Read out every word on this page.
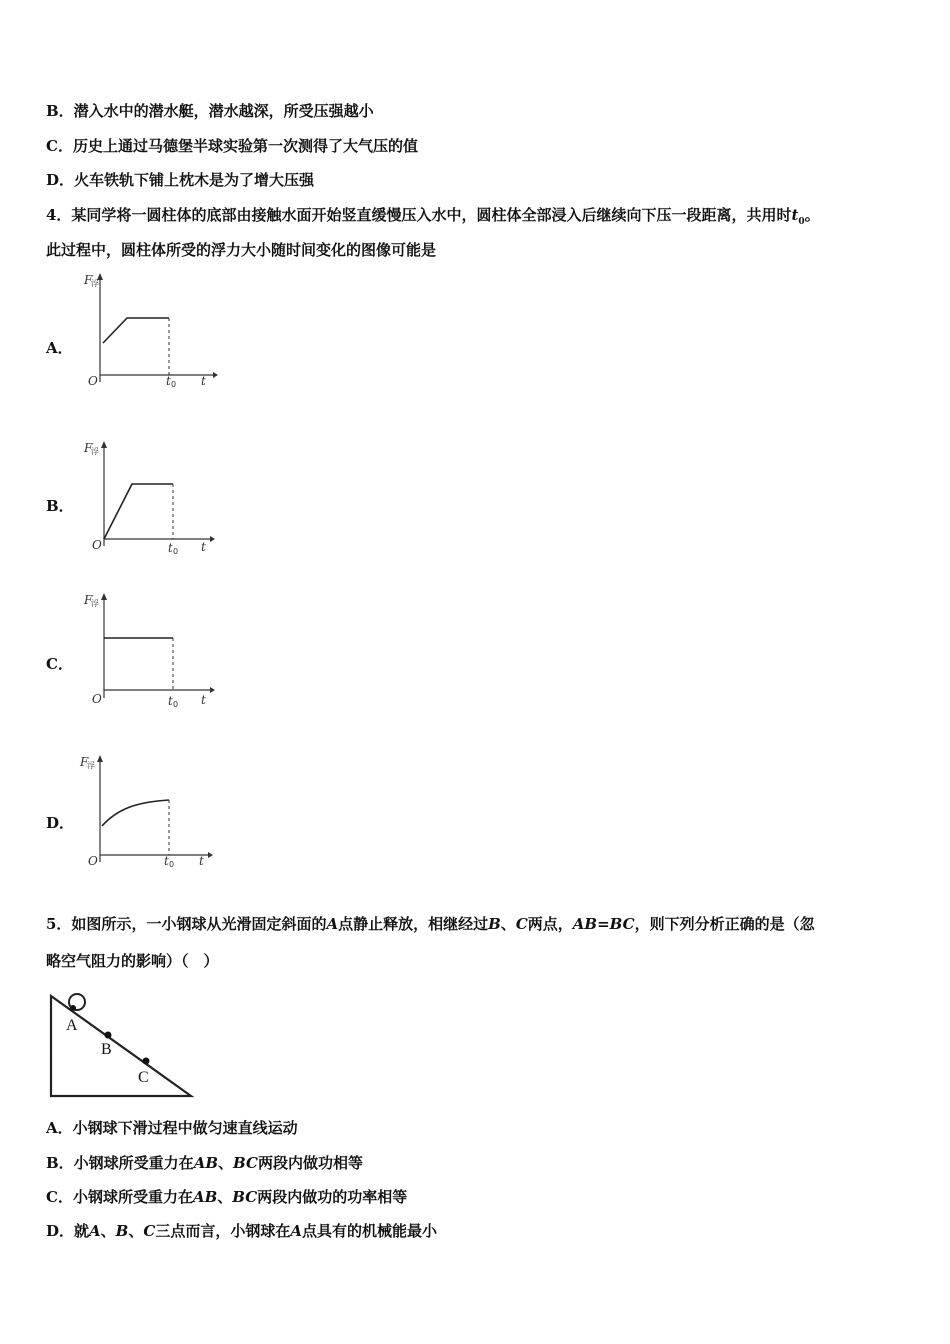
B．潜入水中的潜水艇，潜水越深，所受压强越小
C．历史上通过马德堡半球实验第一次测得了大气压的值
D．火车铁轨下铺上枕木是为了增大压强
4．某同学将一圆柱体的底部由接触水面开始竖直缓慢压入水中，圆柱体全部浸入后继续向下压一段距离，共用时$t_0$。
此过程中，圆柱体所受的浮力大小随时间变化的图像可能是
A．
B．
C．
D．
F
浮
O	t 0 t
F
浮
O	t 0 t
F
浮
O	t 0 t
F
浮
O	t 0 t
5．如图所示，一小钢球从光滑固定斜面的A点静止释放，相继经过B、C两点，AB=BC，则下列分析正确的是（忽
略空气阻力的影响）（　）
A
B
C
A．小钢球下滑过程中做匀速直线运动
B．小钢球所受重力在AB、BC两段内做功相等
C．小钢球所受重力在AB、BC两段内做功的功率相等
D．就A、B、C三点而言，小钢球在A点具有的机械能最小
